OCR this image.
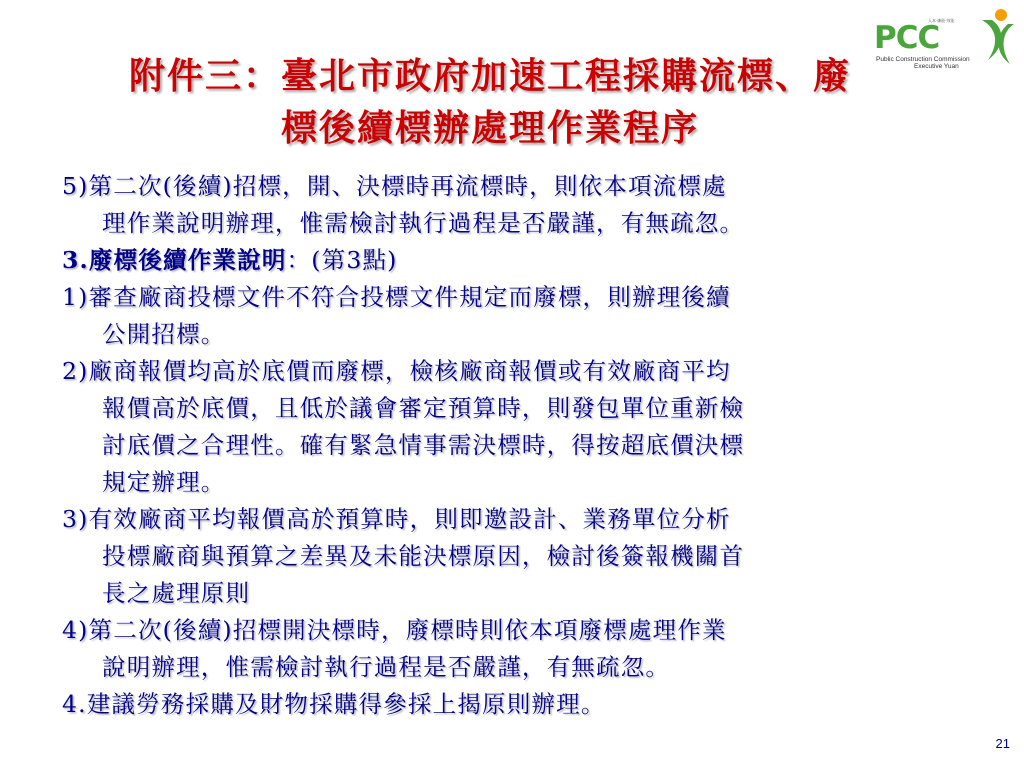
附件三：臺北市政府加速工程採購流標、廢
標後續標辦處理作業程序
人本·廉能·效能
PCC
Public Construction Commission
Executive Yuan
5)第二次(後續)招標，開、決標時再流標時，則依本項流標處
理作業說明辦理，惟需檢討執行過程是否嚴謹，有無疏忽。
3.廢標後續作業說明：(第3點)
1)審查廠商投標文件不符合投標文件規定而廢標，則辦理後續
公開招標。
2)廠商報價均高於底價而廢標，檢核廠商報價或有效廠商平均
報價高於底價，且低於議會審定預算時，則發包單位重新檢
討底價之合理性。確有緊急情事需決標時，得按超底價決標
規定辦理。
3)有效廠商平均報價高於預算時，則即邀設計、業務單位分析
投標廠商與預算之差異及未能決標原因，檢討後簽報機關首
長之處理原則
4)第二次(後續)招標開決標時，廢標時則依本項廢標處理作業
說明辦理，惟需檢討執行過程是否嚴謹，有無疏忽。
4.建議勞務採購及財物採購得參採上揭原則辦理。
21
